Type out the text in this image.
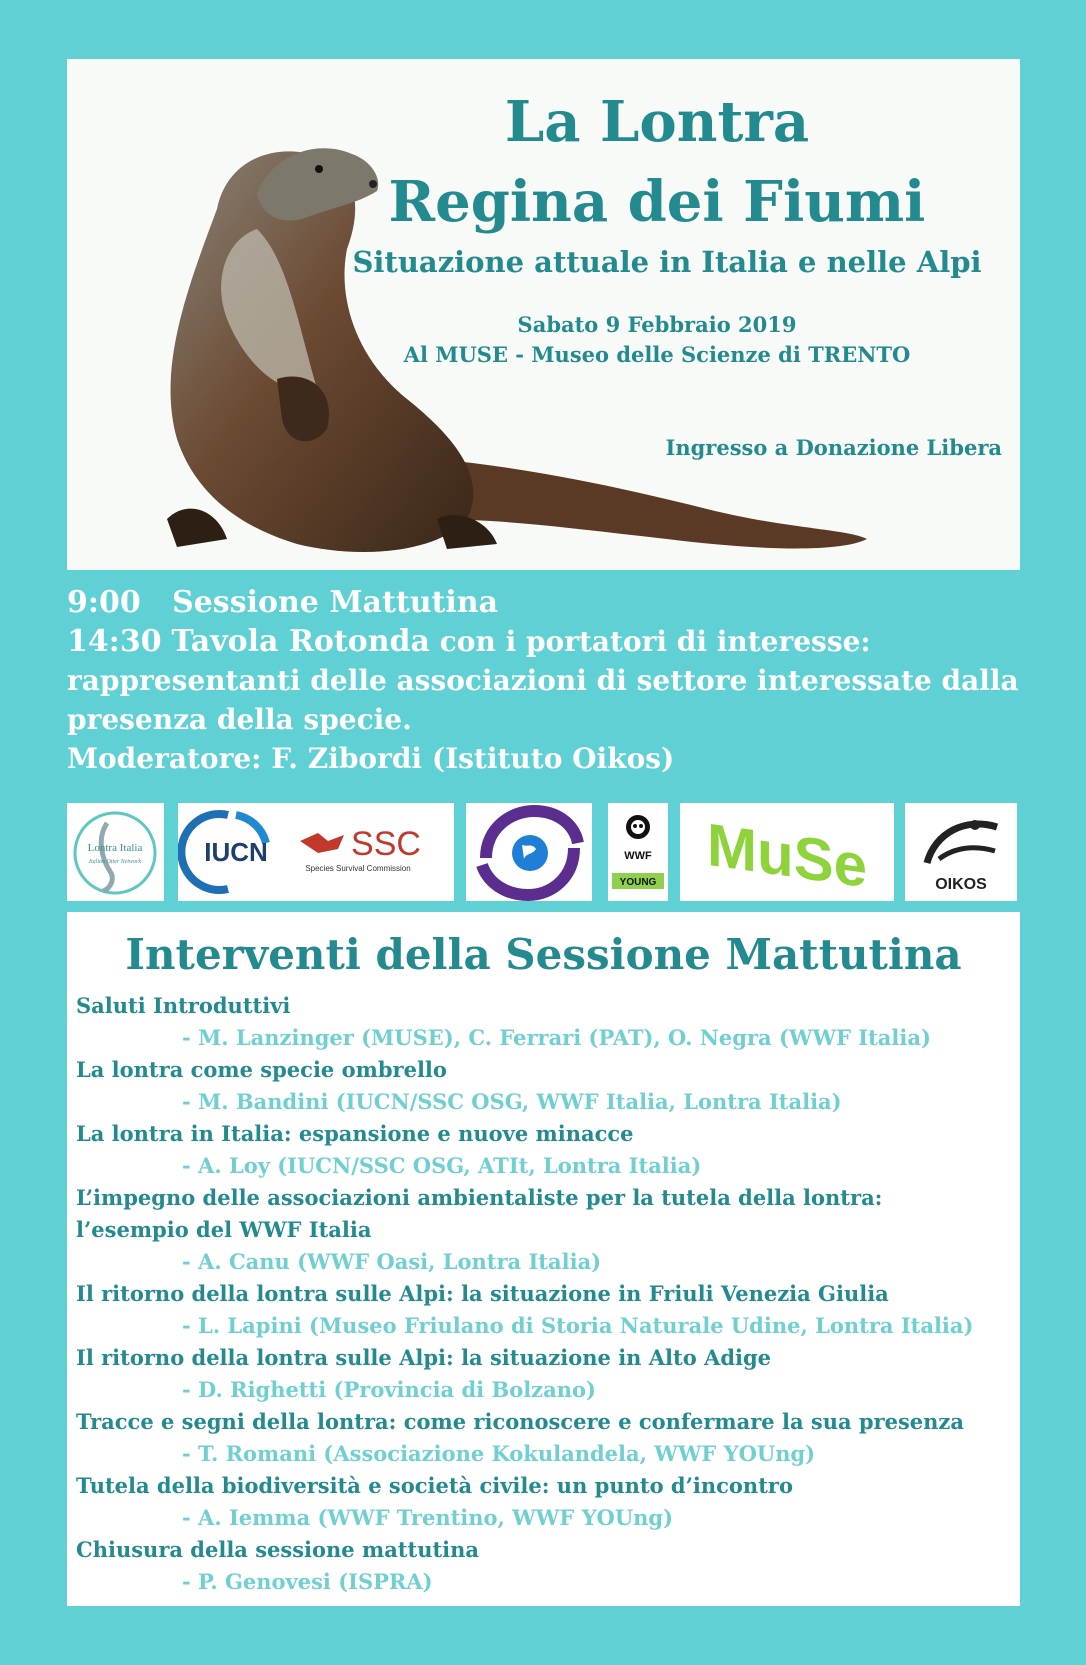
La Lontra
Regina dei Fiumi
Situazione attuale in Italia e nelle Alpi
Sabato 9 Febbraio 2019
Al MUSE - Museo delle Scienze di TRENTO
Ingresso a Donazione Libera
9:00 Sessione Mattutina
14:30 Tavola Rotonda con i portatori di interesse:
rappresentanti delle associazioni di settore interessate dalla
presenza della specie.
Moderatore: F. Zibordi (Istituto Oikos)
Lontra Italia
Italian Otter Network IUCN SSC
Species Survival Commission
WWF
YOUNG MuSe	OIKOS
Interventi della Sessione Mattutina
Saluti Introduttivi
- M. Lanzinger (MUSE), C. Ferrari (PAT), O. Negra (WWF Italia)
La lontra come specie ombrello
- M. Bandini (IUCN/SSC OSG, WWF Italia, Lontra Italia)
La lontra in Italia: espansione e nuove minacce
- A. Loy (IUCN/SSC OSG, ATIt, Lontra Italia)
L’impegno delle associazioni ambientaliste per la tutela della lontra:
l’esempio del WWF Italia
- A. Canu (WWF Oasi, Lontra Italia)
Il ritorno della lontra sulle Alpi: la situazione in Friuli Venezia Giulia
- L. Lapini (Museo Friulano di Storia Naturale Udine, Lontra Italia)
Il ritorno della lontra sulle Alpi: la situazione in Alto Adige
- D. Righetti (Provincia di Bolzano)
Tracce e segni della lontra: come riconoscere e confermare la sua presenza
- T. Romani (Associazione Kokulandela, WWF YOUng)
Tutela della biodiversità e società civile: un punto d’incontro
- A. Iemma (WWF Trentino, WWF YOUng)
Chiusura della sessione mattutina
- P. Genovesi (ISPRA)
